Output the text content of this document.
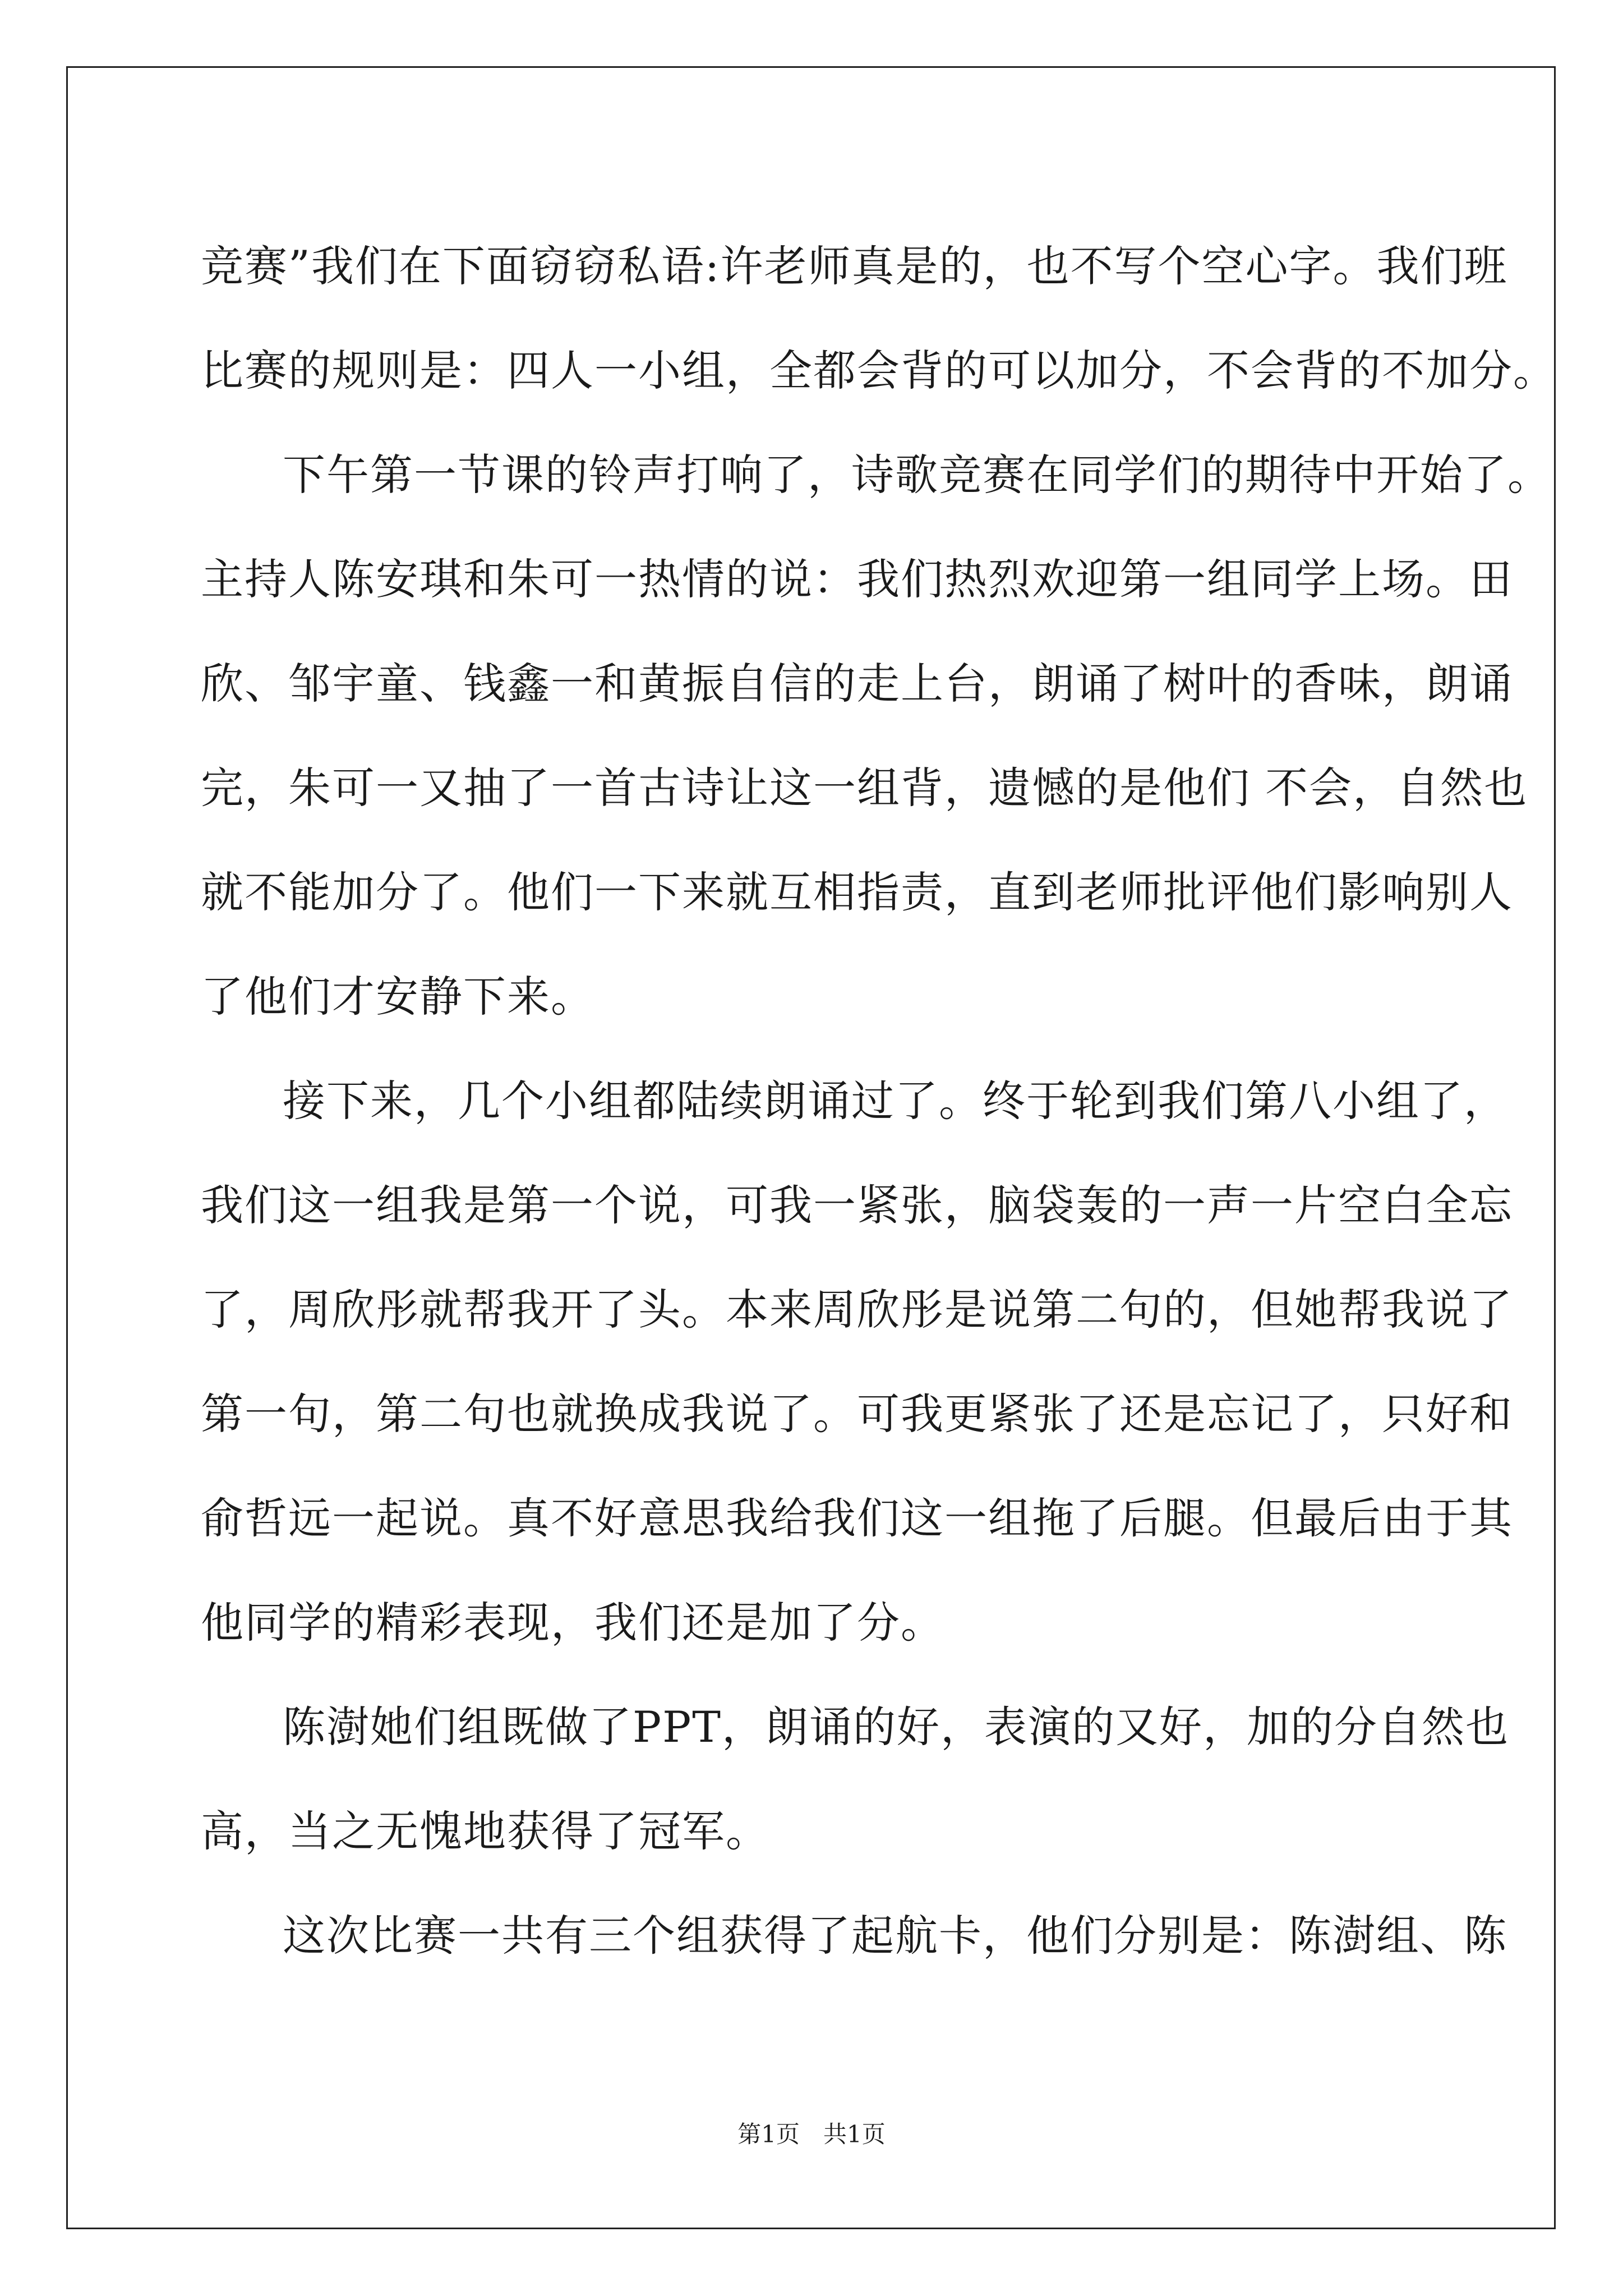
竞赛”我们在下面窃窃私语:许老师真是的，也不写个空心字。我们班
比赛的规则是：四人一小组，全都会背的可以加分，不会背的不加分。
下午第一节课的铃声打响了，诗歌竞赛在同学们的期待中开始了。
主持人陈安琪和朱可一热情的说：我们热烈欢迎第一组同学上场。田
欣、邹宇童、钱鑫一和黄振自信的走上台，朗诵了树叶的香味，朗诵
完，朱可一又抽了一首古诗让这一组背，遗憾的是他们 不会，自然也
就不能加分了。他们一下来就互相指责，直到老师批评他们影响别人
了他们才安静下来。
接下来，几个小组都陆续朗诵过了。终于轮到我们第八小组了，
我们这一组我是第一个说，可我一紧张，脑袋轰的一声一片空白全忘
了，周欣彤就帮我开了头。本来周欣彤是说第二句的，但她帮我说了
第一句，第二句也就换成我说了。可我更紧张了还是忘记了，只好和
俞哲远一起说。真不好意思我给我们这一组拖了后腿。但最后由于其
他同学的精彩表现，我们还是加了分。
陈澍她们组既做了PPT，朗诵的好，表演的又好，加的分自然也
高，当之无愧地获得了冠军。
这次比赛一共有三个组获得了起航卡，他们分别是：陈澍组、陈
第1页　共1页
